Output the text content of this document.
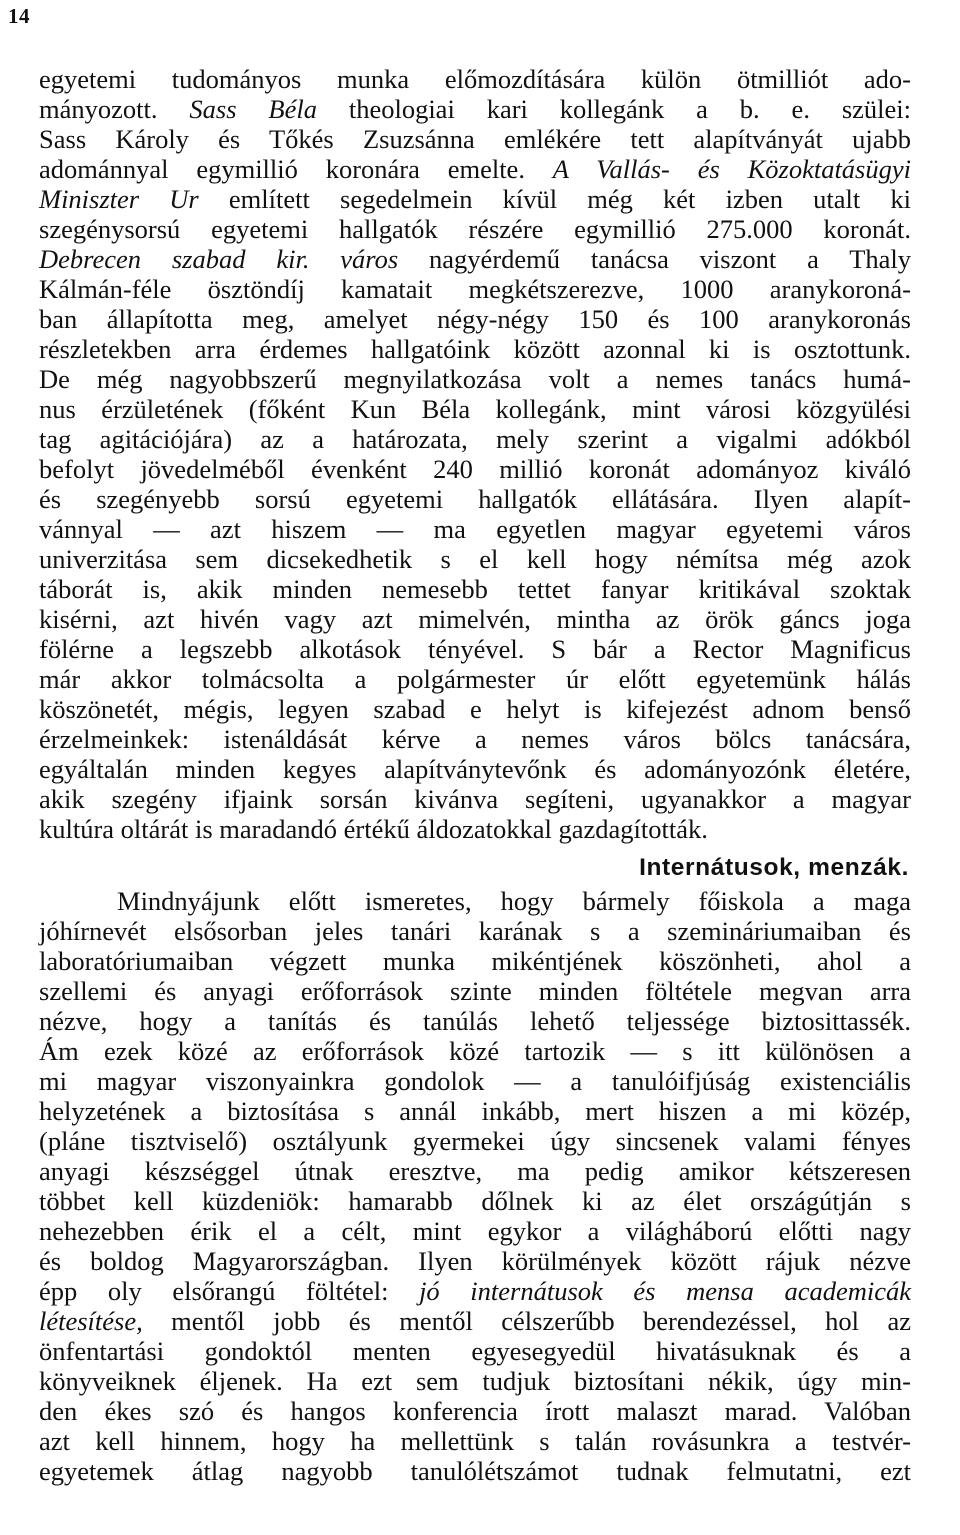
14
egyetemi tudományos munka előmozdítására külön ötmilliót ado-
mányozott. Sass Béla theologiai kari kollegánk a b. e. szülei:
Sass Károly és Tőkés Zsuzsánna emlékére tett alapítványát ujabb
adománnyal egymillió koronára emelte. A Vallás- és Közoktatásügyi
Miniszter Ur említett segedelmein kívül még két izben utalt ki
szegénysorsú egyetemi hallgatók részére egymillió 275.000 koronát.
Debrecen szabad kir. város nagyérdemű tanácsa viszont a Thaly
Kálmán-féle ösztöndíj kamatait megkétszerezve, 1000 aranykoroná-
ban állapította meg, amelyet négy-négy 150 és 100 aranykoronás
részletekben arra érdemes hallgatóink között azonnal ki is osztottunk.
De még nagyobbszerű megnyilatkozása volt a nemes tanács humá-
nus érzületének (főként Kun Béla kollegánk, mint városi közgyülési
tag agitációjára) az a határozata, mely szerint a vigalmi adókból
befolyt jövedelméből évenként 240 millió koronát adományoz kiváló
és szegényebb sorsú egyetemi hallgatók ellátására. Ilyen alapít-
vánnyal — azt hiszem — ma egyetlen magyar egyetemi város
univerzitása sem dicsekedhetik s el kell hogy némítsa még azok
táborát is, akik minden nemesebb tettet fanyar kritikával szoktak
kisérni, azt hivén vagy azt mimelvén, mintha az örök gáncs joga
fölérne a legszebb alkotások tényével. S bár a Rector Magnificus
már akkor tolmácsolta a polgármester úr előtt egyetemünk hálás
köszönetét, mégis, legyen szabad e helyt is kifejezést adnom benső
érzelmeinkek: istenáldását kérve a nemes város bölcs tanácsára,
egyáltalán minden kegyes alapítványtevőnk és adományozónk életére,
akik szegény ifjaink sorsán kivánva segíteni, ugyanakkor a magyar
kultúra oltárát is maradandó értékű áldozatokkal gazdagították.
Internátusok, menzák.
Mindnyájunk előtt ismeretes, hogy bármely főiskola a maga
jóhírnevét elsősorban jeles tanári karának s a szemináriumaiban és
laboratóriumaiban végzett munka mikéntjének köszönheti, ahol a
szellemi és anyagi erőforrások szinte minden föltétele megvan arra
nézve, hogy a tanítás és tanúlás lehető teljessége biztosittassék.
Ám ezek közé az erőforrások közé tartozik — s itt különösen a
mi magyar viszonyainkra gondolok — a tanulóifjúság existenciális
helyzetének a biztosítása s annál inkább, mert hiszen a mi közép,
(pláne tisztviselő) osztályunk gyermekei úgy sincsenek valami fényes
anyagi készséggel útnak eresztve, ma pedig amikor kétszeresen
többet kell küzdeniök: hamarabb dőlnek ki az élet országútján s
nehezebben érik el a célt, mint egykor a világháború előtti nagy
és boldog Magyarországban. Ilyen körülmények között rájuk nézve
épp oly elsőrangú föltétel: jó internátusok és mensa academicák
létesítése, mentől jobb és mentől célszerűbb berendezéssel, hol az
önfentartási gondoktól menten egyesegyedül hivatásuknak és a
könyveiknek éljenek. Ha ezt sem tudjuk biztosítani nékik, úgy min-
den ékes szó és hangos konferencia írott malaszt marad. Valóban
azt kell hinnem, hogy ha mellettünk s talán rovásunkra a testvér-
egyetemek átlag nagyobb tanulólétszámot tudnak felmutatni, ezt
